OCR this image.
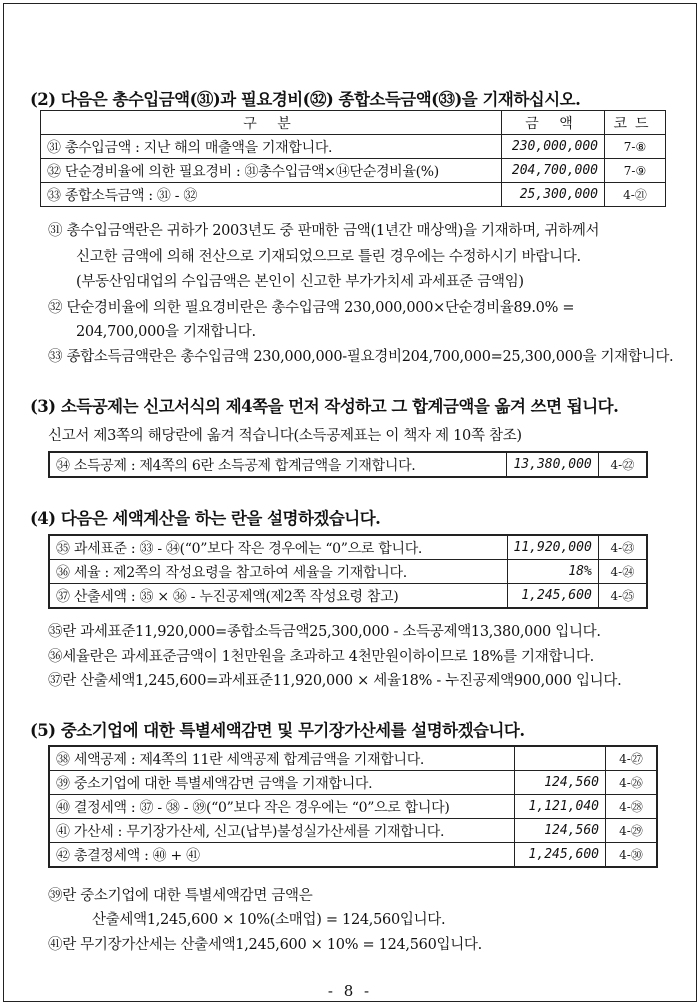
(2) 다음은 총수입금액(㉛)과 필요경비(㉜) 종합소득금액(㉝)을 기재하십시오.
구 분	금 액	코드
㉛ 총수입금액 : 지난 해의 매출액을 기재합니다.	230,000,000	7-⑧
㉜ 단순경비율에 의한 필요경비 : ㉛총수입금액×⑭단순경비율(%)	204,700,000	7-⑨
㉝ 종합소득금액 : ㉛ - ㉜	25,300,000	4-㉑
㉛ 총수입금액란은 귀하가 2003년도 중 판매한 금액(1년간 매상액)을 기재하며, 귀하께서
신고한 금액에 의해 전산으로 기재되었으므로 틀린 경우에는 수정하시기 바랍니다.
(부동산임대업의 수입금액은 본인이 신고한 부가가치세 과세표준 금액임)
㉜ 단순경비율에 의한 필요경비란은 총수입금액 230,000,000×단순경비율89.0% =
204,700,000을 기재합니다.
㉝ 종합소득금액란은 총수입금액 230,000,000-필요경비204,700,000=25,300,000을 기재합니다.
(3) 소득공제는 신고서식의 제4쪽을 먼저 작성하고 그 합계금액을 옮겨 쓰면 됩니다.
신고서 제3쪽의 해당란에 옮겨 적습니다(소득공제표는 이 책자 제 10쪽 참조)
㉞ 소득공제 : 제4쪽의 6란 소득공제 합계금액을 기재합니다.	13,380,000	4-㉒
(4) 다음은 세액계산을 하는 란을 설명하겠습니다.
㉟ 과세표준 : ㉝ - ㉞(“0”보다 작은 경우에는 “0”으로 합니다.	11,920,000	4-㉓
㊱ 세율 : 제2쪽의 작성요령을 참고하여 세율을 기재합니다.	18%	4-㉔
㊲ 산출세액 : ㉟ × ㊱ - 누진공제액(제2쪽 작성요령 참고)	1,245,600	4-㉕
㉟란 과세표준11,920,000=종합소득금액25,300,000 - 소득공제액13,380,000 입니다.
㊱세율란은 과세표준금액이 1천만원을 초과하고 4천만원이하이므로 18%를 기재합니다.
㊲란 산출세액1,245,600=과세표준11,920,000 × 세율18% - 누진공제액900,000 입니다.
(5) 중소기업에 대한 특별세액감면 및 무기장가산세를 설명하겠습니다.
㊳ 세액공제 : 제4쪽의 11란 세액공제 합계금액을 기재합니다.		4-㉗
㊴ 중소기업에 대한 특별세액감면 금액을 기재합니다.	124,560	4-㉖
㊵ 결정세액 : ㊲ - ㊳ - ㊴(“0”보다 작은 경우에는 “0”으로 합니다)	1,121,040	4-㉘
㊶ 가산세 : 무기장가산세, 신고(납부)불성실가산세를 기재합니다.	124,560	4-㉙
㊷ 총결정세액 : ㊵ + ㊶	1,245,600	4-㉚
㊴란 중소기업에 대한 특별세액감면 금액은
산출세액1,245,600 × 10%(소매업) = 124,560입니다.
㊶란 무기장가산세는 산출세액1,245,600 × 10% = 124,560입니다.
- 8 -
